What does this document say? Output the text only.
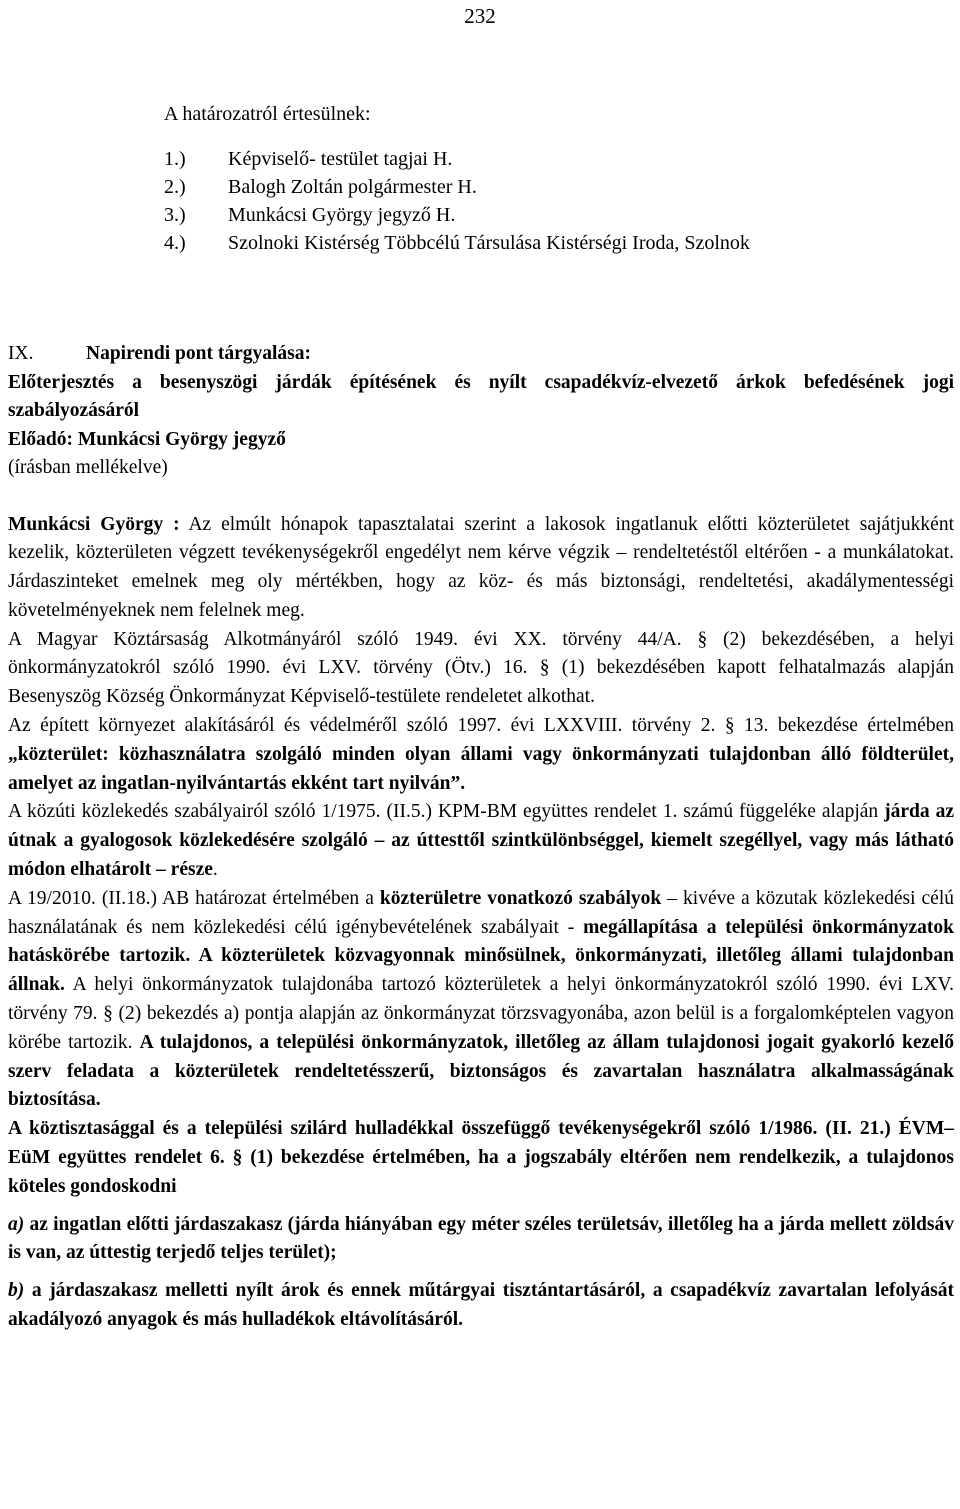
232
A határozatról értesülnek:
1.) Képviselő- testület tagjai H.
2.) Balogh Zoltán polgármester H.
3.) Munkácsi György jegyző H.
4.) Szolnoki Kistérség Többcélú Társulása Kistérségi Iroda, Szolnok

IX.	Napirendi pont tárgyalása:

Előterjesztés a besenyszögi járdák építésének és nyílt csapadékvíz-elvezető árkok befedésének jogi szabályozásáról

Előadó: Munkácsi György jegyző

(írásban mellékelve)

Munkácsi György : Az elmúlt hónapok tapasztalatai szerint a lakosok ingatlanuk előtti közterületet sajátjukként kezelik, közterületen végzett tevékenységekről engedélyt nem kérve végzik – rendeltetéstől eltérően - a munkálatokat. Járdaszinteket emelnek meg oly mértékben, hogy az köz- és más biztonsági, rendeltetési, akadálymentességi követelményeknek nem felelnek meg.

A Magyar Köztársaság Alkotmányáról szóló 1949. évi XX. törvény 44/A. § (2) bekezdésében, a helyi önkormányzatokról szóló 1990. évi LXV. törvény (Ötv.) 16. § (1) bekezdésében kapott felhatalmazás alapján Besenyszög Község Önkormányzat Képviselő-testülete rendeletet alkothat.

Az épített környezet alakításáról és védelméről szóló 1997. évi LXXVIII. törvény 2. § 13. bekezdése értelmében „közterület: közhasználatra szolgáló minden olyan állami vagy önkormányzati tulajdonban álló földterület, amelyet az ingatlan-nyilvántartás ekként tart nyilván”.

A közúti közlekedés szabályairól szóló 1/1975. (II.5.) KPM-BM együttes rendelet 1. számú függeléke alapján járda az útnak a gyalogosok közlekedésére szolgáló – az úttesttől szintkülönbséggel, kiemelt szegéllyel, vagy más látható módon elhatárolt – része.

A 19/2010. (II.18.) AB határozat értelmében a közterületre vonatkozó szabályok – kivéve a közutak közlekedési célú használatának és nem közlekedési célú igénybevételének szabályait - megállapítása a települési önkormányzatok hatáskörébe tartozik. A közterületek közvagyonnak minősülnek, önkormányzati, illetőleg állami tulajdonban állnak. A helyi önkormányzatok tulajdonába tartozó közterületek a helyi önkormányzatokról szóló 1990. évi LXV. törvény 79. § (2) bekezdés a) pontja alapján az önkormányzat törzsvagyonába, azon belül is a forgalomképtelen vagyon körébe tartozik. A tulajdonos, a települési önkormányzatok, illetőleg az állam tulajdonosi jogait gyakorló kezelő szerv feladata a közterületek rendeltetésszerű, biztonságos és zavartalan használatra alkalmasságának biztosítása.

A köztisztasággal és a települési szilárd hulladékkal összefüggő tevékenységekről szóló 1/1986. (II. 21.) ÉVM–EüM együttes rendelet 6. § (1) bekezdése értelmében, ha a jogszabály eltérően nem rendelkezik, a tulajdonos köteles gondoskodni

a) az ingatlan előtti járdaszakasz (járda hiányában egy méter széles területsáv, illetőleg ha a járda mellett zöldsáv is van, az úttestig terjedő teljes terület);

b) a járdaszakasz melletti nyílt árok és ennek műtárgyai tisztántartásáról, a csapadékvíz zavartalan lefolyását akadályozó anyagok és más hulladékok eltávolításáról.
